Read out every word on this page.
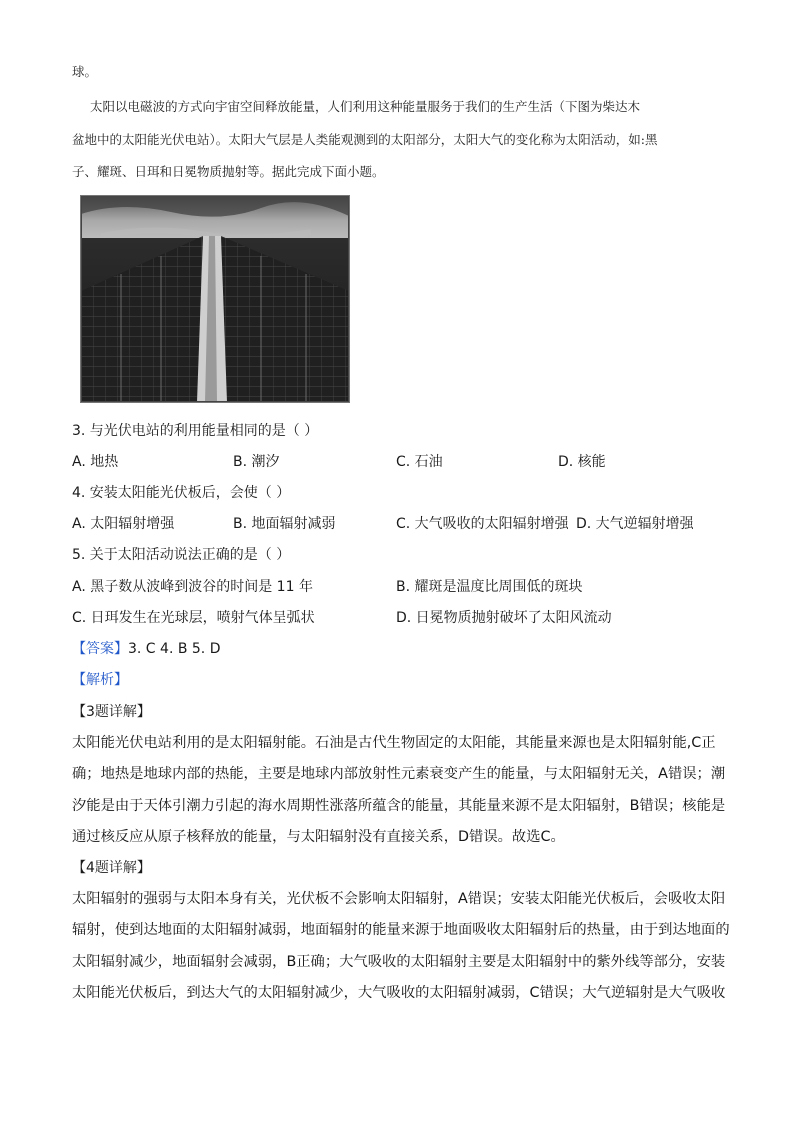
球。
太阳以电磁波的方式向宇宙空间释放能量，人们利用这种能量服务于我们的生产生活（下图为柴达木
盆地中的太阳能光伏电站）。太阳大气层是人类能观测到的太阳部分，太阳大气的变化称为太阳活动，如:黑
子、耀斑、日珥和日冕物质抛射等。据此完成下面小题。
3. 与光伏电站的利用能量相同的是（ ）
A. 地热	B. 潮汐	C. 石油	D. 核能
4. 安装太阳能光伏板后，会使（ ）
A. 太阳辐射增强	B. 地面辐射减弱	C. 大气吸收的太阳辐射增强 D. 大气逆辐射增强
5. 关于太阳活动说法正确的是（ ）
A. 黑子数从波峰到波谷的时间是 11 年	B. 耀斑是温度比周围低的斑块
C. 日珥发生在光球层，喷射气体呈弧状	D. 日冕物质抛射破坏了太阳风流动
【答案】3. C 4. B 5. D
【解析】
【3题详解】
太阳能光伏电站利用的是太阳辐射能。石油是古代生物固定的太阳能，其能量来源也是太阳辐射能,C正
确；地热是地球内部的热能，主要是地球内部放射性元素衰变产生的能量，与太阳辐射无关，A错误；潮
汐能是由于天体引潮力引起的海水周期性涨落所蕴含的能量，其能量来源不是太阳辐射，B错误；核能是
通过核反应从原子核释放的能量，与太阳辐射没有直接关系，D错误。故选C。
【4题详解】
太阳辐射的强弱与太阳本身有关，光伏板不会影响太阳辐射，A错误；安装太阳能光伏板后，会吸收太阳
辐射，使到达地面的太阳辐射减弱，地面辐射的能量来源于地面吸收太阳辐射后的热量，由于到达地面的
太阳辐射减少，地面辐射会减弱，B正确；大气吸收的太阳辐射主要是太阳辐射中的紫外线等部分，安装
太阳能光伏板后，到达大气的太阳辐射减少，大气吸收的太阳辐射减弱，C错误；大气逆辐射是大气吸收
